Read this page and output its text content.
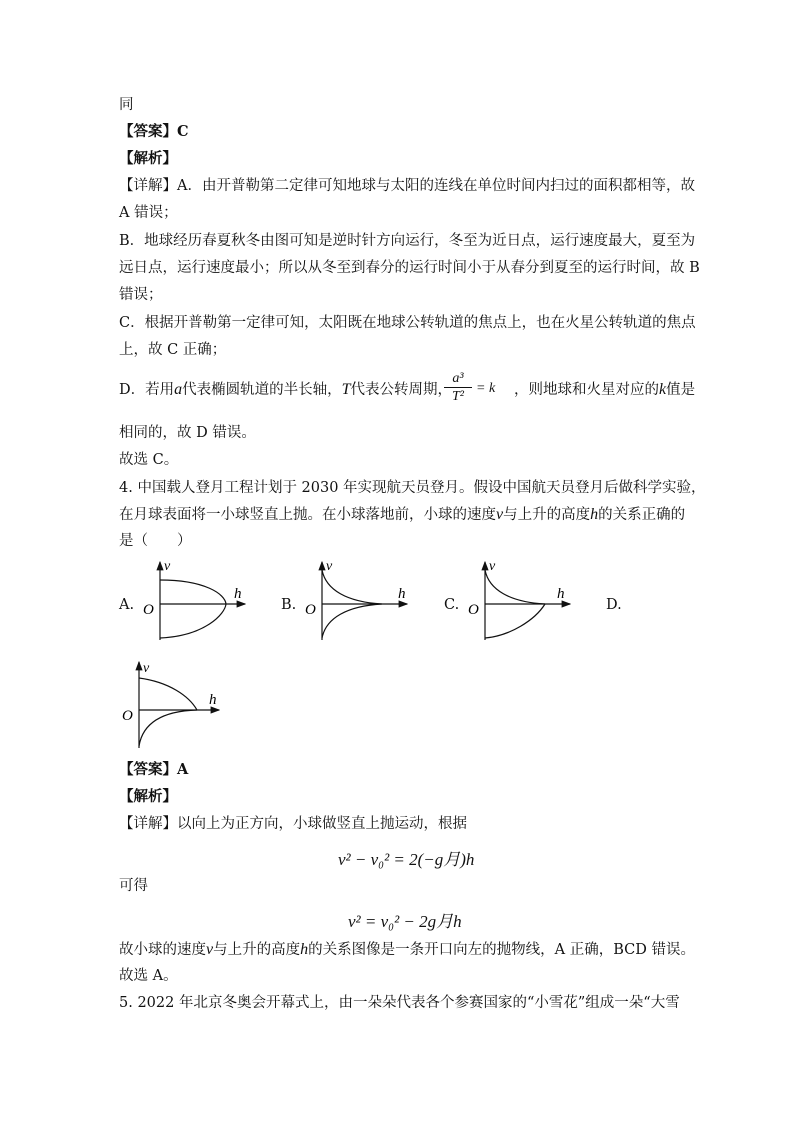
同
【答案】C
【解析】
【详解】A．由开普勒第二定律可知地球与太阳的连线在单位时间内扫过的面积都相等，故
A 错误；
B．地球经历春夏秋冬由图可知是逆时针方向运行，冬至为近日点，运行速度最大，夏至为
远日点，运行速度最小；所以从冬至到春分的运行时间小于从春分到夏至的运行时间，故 B
错误；
C．根据开普勒第一定律可知，太阳既在地球公转轨道的焦点上，也在火星公转轨道的焦点
上，故 C 正确；
D．若用a代表椭圆轨道的半长轴，T代表公转周期，	，则地球和火星对应的k值是
$\frac{\text{a³}}{\text{T²}} = k$
相同的，故 D 错误。
故选 C。
4. 中国载人登月工程计划于 2030 年实现航天员登月。假设中国航天员登月后做科学实验，
在月球表面将一小球竖直上抛。在小球落地前，小球的速度v与上升的高度h的关系正确的
是（　　）
A.	B.	C.	D.
v
h
O
v
h
O
v
h
O
v
h
O
【答案】A
【解析】
【详解】以向上为正方向，小球做竖直上抛运动，根据
v² − v₀² = 2(−g月)h
可得
v² = v₀² − 2g月h
故小球的速度v与上升的高度h的关系图像是一条开口向左的抛物线，A 正确，BCD 错误。
故选 A。
5. 2022 年北京冬奥会开幕式上，由一朵朵代表各个参赛国家的“小雪花”组成一朵“大雪
